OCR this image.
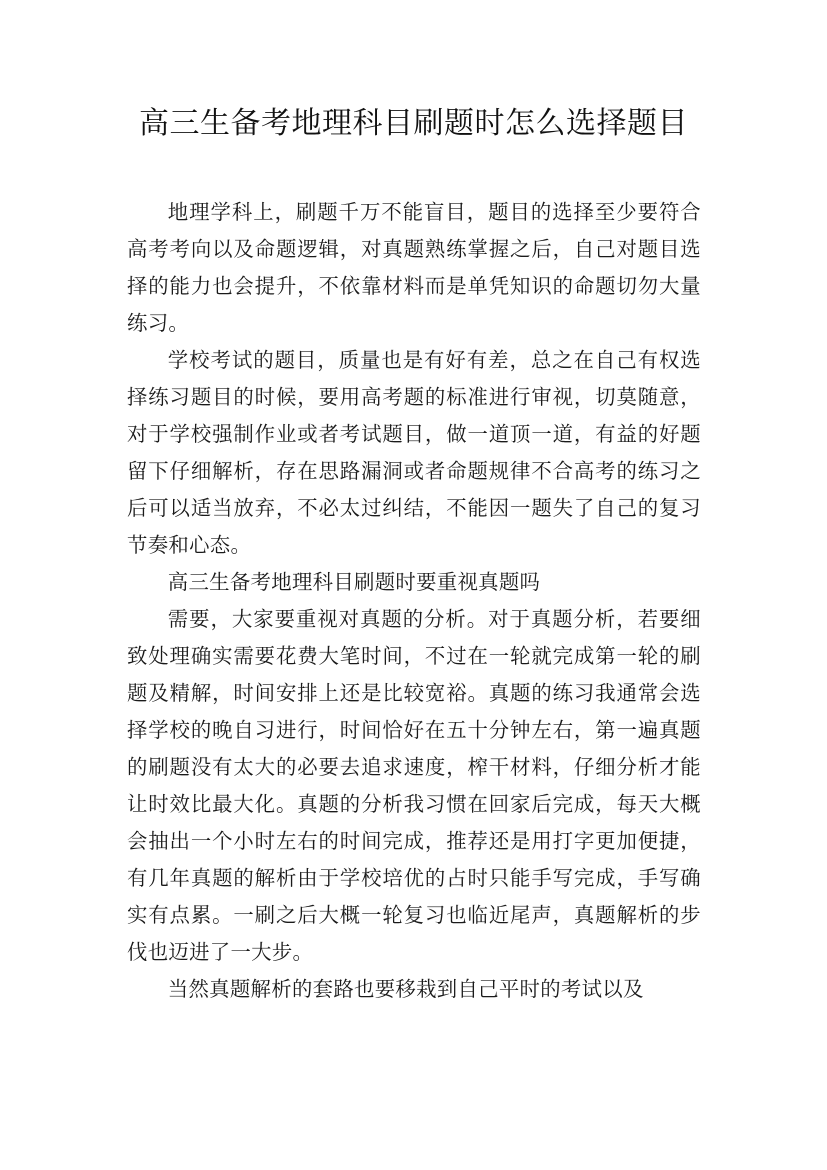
高三生备考地理科目刷题时怎么选择题目

地理学科上，刷题千万不能盲目，题目的选择至少要符合高考考向以及命题逻辑，对真题熟练掌握之后，自己对题目选择的能力也会提升，不依靠材料而是单凭知识的命题切勿大量练习。

学校考试的题目，质量也是有好有差，总之在自己有权选择练习题目的时候，要用高考题的标准进行审视，切莫随意，对于学校强制作业或者考试题目，做一道顶一道，有益的好题留下仔细解析，存在思路漏洞或者命题规律不合高考的练习之后可以适当放弃，不必太过纠结，不能因一题失了自己的复习节奏和心态。

高三生备考地理科目刷题时要重视真题吗

需要，大家要重视对真题的分析。对于真题分析，若要细致处理确实需要花费大笔时间，不过在一轮就完成第一轮的刷题及精解，时间安排上还是比较宽裕。真题的练习我通常会选择学校的晚自习进行，时间恰好在五十分钟左右，第一遍真题的刷题没有太大的必要去追求速度，榨干材料，仔细分析才能让时效比最大化。真题的分析我习惯在回家后完成，每天大概会抽出一个小时左右的时间完成，推荐还是用打字更加便捷，有几年真题的解析由于学校培优的占时只能手写完成，手写确实有点累。一刷之后大概一轮复习也临近尾声，真题解析的步伐也迈进了一大步。

当然真题解析的套路也要移栽到自己平时的考试以及
